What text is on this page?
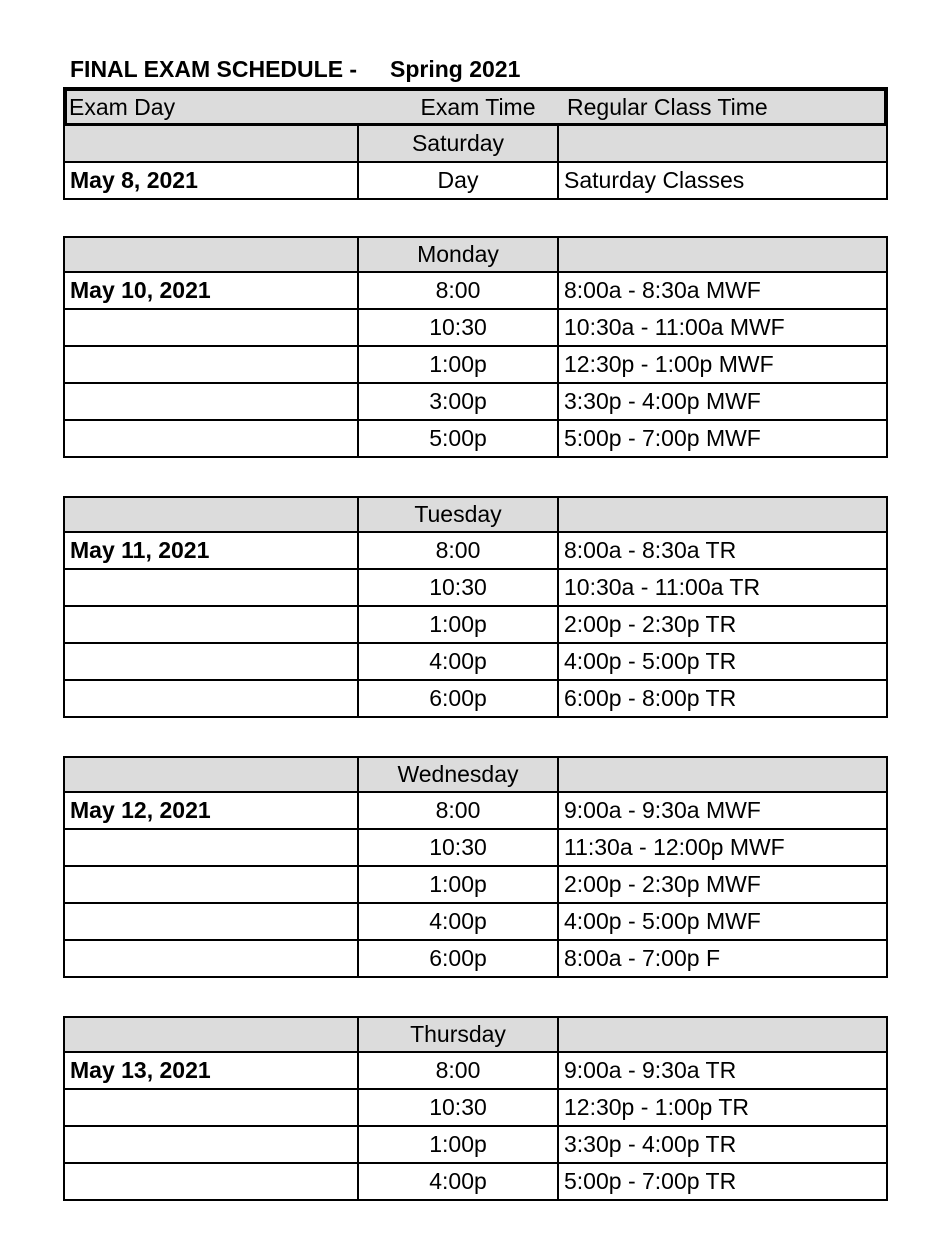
FINAL EXAM SCHEDULE - Spring 2021
Exam Day	Exam Time	Regular Class Time
Saturday
May 8, 2021	Day	Saturday Classes
Monday
May 10, 2021	8:00	8:00a - 8:30a MWF
10:30	10:30a - 11:00a MWF
1:00p	12:30p - 1:00p MWF
3:00p	3:30p - 4:00p MWF
5:00p	5:00p - 7:00p MWF
Tuesday
May 11, 2021	8:00	8:00a - 8:30a TR
10:30	10:30a - 11:00a TR
1:00p	2:00p - 2:30p TR
4:00p	4:00p - 5:00p TR
6:00p	6:00p - 8:00p TR
Wednesday
May 12, 2021	8:00	9:00a - 9:30a MWF
10:30	11:30a - 12:00p MWF
1:00p	2:00p - 2:30p MWF
4:00p	4:00p - 5:00p MWF
6:00p	8:00a - 7:00p F
Thursday
May 13, 2021	8:00	9:00a - 9:30a TR
10:30	12:30p - 1:00p TR
1:00p	3:30p - 4:00p TR
4:00p	5:00p - 7:00p TR
